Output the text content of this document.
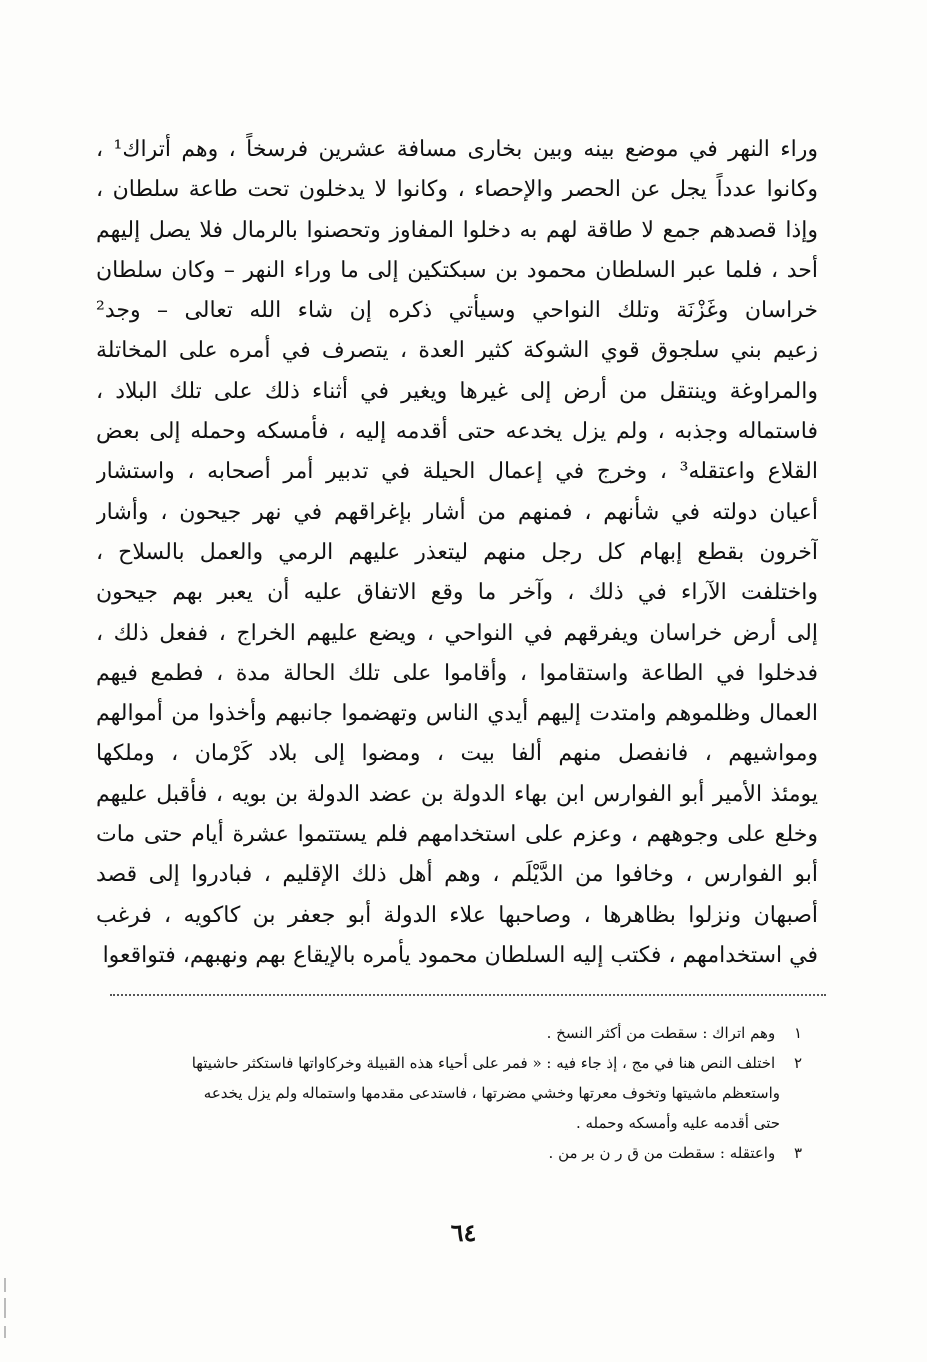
وراء النهر في موضع بينه وبين بخارى مسافة عشرين فرسخاً ، وهم أتراك¹ ،
وكانوا عدداً يجل عن الحصر والإحصاء ، وكانوا لا يدخلون تحت طاعة سلطان ،
وإذا قصدهم جمع لا طاقة لهم به دخلوا المفاوز وتحصنوا بالرمال فلا يصل إليهم
أحد ، فلما عبر السلطان محمود بن سبكتكين إلى ما وراء النهر – وكان سلطان
خراسان وغَزْنَة وتلك النواحي وسيأتي ذكره إن شاء الله تعالى – وجد²
زعيم بني سلجوق قوي الشوكة كثير العدة ، يتصرف في أمره على المخاتلة
والمراوغة وينتقل من أرض إلى غيرها ويغير في أثناء ذلك على تلك البلاد ،
فاستماله وجذبه ، ولم يزل يخدعه حتى أقدمه إليه ، فأمسكه وحمله إلى بعض
القلاع واعتقله³ ، وخرج في إعمال الحيلة في تدبير أمر أصحابه ، واستشار
أعيان دولته في شأنهم ، فمنهم من أشار بإغراقهم في نهر جيحون ، وأشار
آخرون بقطع إبهام كل رجل منهم ليتعذر عليهم الرمي والعمل بالسلاح ،
واختلفت الآراء في ذلك ، وآخر ما وقع الاتفاق عليه أن يعبر بهم جيحون
إلى أرض خراسان ويفرقهم في النواحي ، ويضع عليهم الخراج ، ففعل ذلك ،
فدخلوا في الطاعة واستقاموا ، وأقاموا على تلك الحالة مدة ، فطمع فيهم
العمال وظلموهم وامتدت إليهم أيدي الناس وتهضموا جانبهم وأخذوا من أموالهم
ومواشيهم ، فانفصل منهم ألفا بيت ، ومضوا إلى بلاد كَرْمان ، وملكها
يومئذ الأمير أبو الفوارس ابن بهاء الدولة بن عضد الدولة بن بويه ، فأقبل عليهم
وخلع على وجوههم ، وعزم على استخدامهم فلم يستتموا عشرة أيام حتى مات
أبو الفوارس ، وخافوا من الدَّيْلَم ، وهم أهل ذلك الإقليم ، فبادروا إلى قصد
أصبهان ونزلوا بظاهرها ، وصاحبها علاء الدولة أبو جعفر بن كاكويه ، فرغب
في استخدامهم ، فكتب إليه السلطان محمود يأمره بالإيقاع بهم ونهبهم، فتواقعوا
١ وهم اتراك : سقطت من أكثر النسخ .
٢ اختلف النص هنا في مج ، إذ جاء فيه : « فمر على أحياء هذه القبيلة وخركاواتها فاستكثر حاشيتها
واستعظم ماشيتها وتخوف معرتها وخشي مضرتها ، فاستدعى مقدمها واستماله ولم يزل يخدعه
حتى أقدمه عليه وأمسكه وحمله .
٣ واعتقله : سقطت من ق ر ن بر من .
٦٤
